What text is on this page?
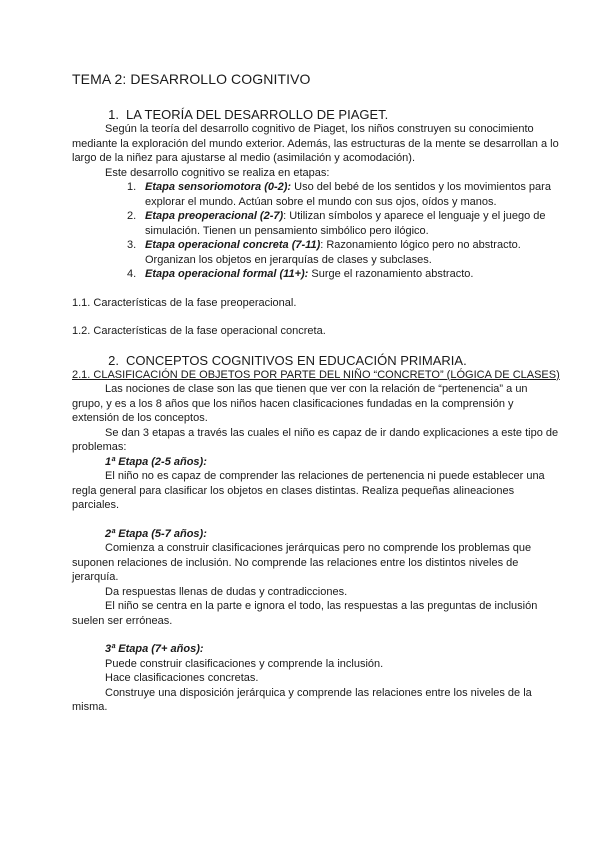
TEMA 2: DESARROLLO COGNITIVO
1. LA TEORÍA DEL DESARROLLO DE PIAGET.

Según la teoría del desarrollo cognitivo de Piaget, los niños construyen su conocimiento mediante la exploración del mundo exterior. Además, las estructuras de la mente se desarrollan a lo largo de la niñez para ajustarse al medio (asimilación y acomodación).

Este desarrollo cognitivo se realiza en etapas:

1. Etapa sensoriomotora (0-2): Uso del bebé de los sentidos y los movimientos para explorar el mundo. Actúan sobre el mundo con sus ojos, oídos y manos.
2. Etapa preoperacional (2-7): Utilizan símbolos y aparece el lenguaje y el juego de simulación. Tienen un pensamiento simbólico pero ilógico.
3. Etapa operacional concreta (7-11): Razonamiento lógico pero no abstracto. Organizan los objetos en jerarquías de clases y subclases.
4. Etapa operacional formal (11+): Surge el razonamiento abstracto.

1.1. Características de la fase preoperacional.

1.2. Características de la fase operacional concreta.

2. CONCEPTOS COGNITIVOS EN EDUCACIÓN PRIMARIA.

2.1. CLASIFICACIÓN DE OBJETOS POR PARTE DEL NIÑO “CONCRETO” (LÓGICA DE CLASES)

Las nociones de clase son las que tienen que ver con la relación de “pertenencia” a un grupo, y es a los 8 años que los niños hacen clasificaciones fundadas en la comprensión y extensión de los conceptos.

Se dan 3 etapas a través las cuales el niño es capaz de ir dando explicaciones a este tipo de problemas:

1ª Etapa (2-5 años):

El niño no es capaz de comprender las relaciones de pertenencia ni puede establecer una regla general para clasificar los objetos en clases distintas. Realiza pequeñas alineaciones parciales.

2ª Etapa (5-7 años):

Comienza a construir clasificaciones jerárquicas pero no comprende los problemas que suponen relaciones de inclusión. No comprende las relaciones entre los distintos niveles de jerarquía.

Da respuestas llenas de dudas y contradicciones.

El niño se centra en la parte e ignora el todo, las respuestas a las preguntas de inclusión suelen ser erróneas.

3ª Etapa (7+ años):

Puede construir clasificaciones y comprende la inclusión.

Hace clasificaciones concretas.

Construye una disposición jerárquica y comprende las relaciones entre los niveles de la misma.
